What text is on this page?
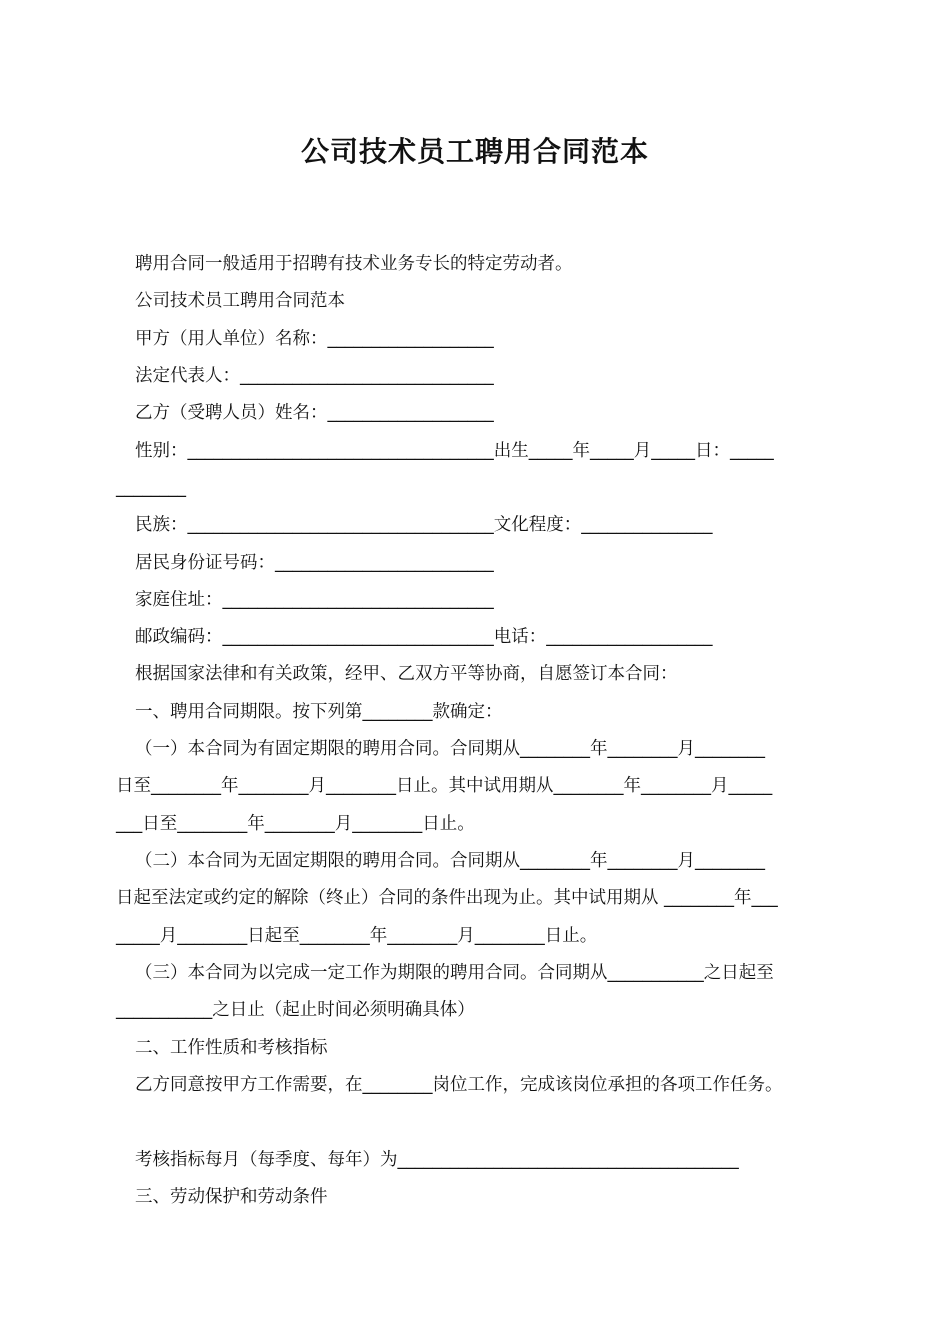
公司技术员工聘用合同范本
聘用合同一般适用于招聘有技术业务专长的特定劳动者。
公司技术员工聘用合同范本
甲方（用人单位）名称：___________________
法定代表人：_____________________________
乙方（受聘人员）姓名：___________________
性别：___________________________________出生_____年_____月_____日：_____
________
民族：___________________________________文化程度：_______________
居民身份证号码：_________________________
家庭住址：_______________________________
邮政编码：_______________________________电话：___________________
根据国家法律和有关政策，经甲、乙双方平等协商，自愿签订本合同：
一、聘用合同期限。按下列第________款确定：
（一）本合同为有固定期限的聘用合同。合同期从________年________月________
日至________年________月________日止。其中试用期从________年________月_____
___日至________年________月________日止。
（二）本合同为无固定期限的聘用合同。合同期从________年________月________
日起至法定或约定的解除（终止）合同的条件出现为止。其中试用期从 ________年___
_____月________日起至________年________月________日止。
（三）本合同为以完成一定工作为期限的聘用合同。合同期从___________之日起至
___________之日止（起止时间必须明确具体）
二、工作性质和考核指标
乙方同意按甲方工作需要，在________岗位工作，完成该岗位承担的各项工作任务。
考核指标每月（每季度、每年）为_______________________________________
三、劳动保护和劳动条件
